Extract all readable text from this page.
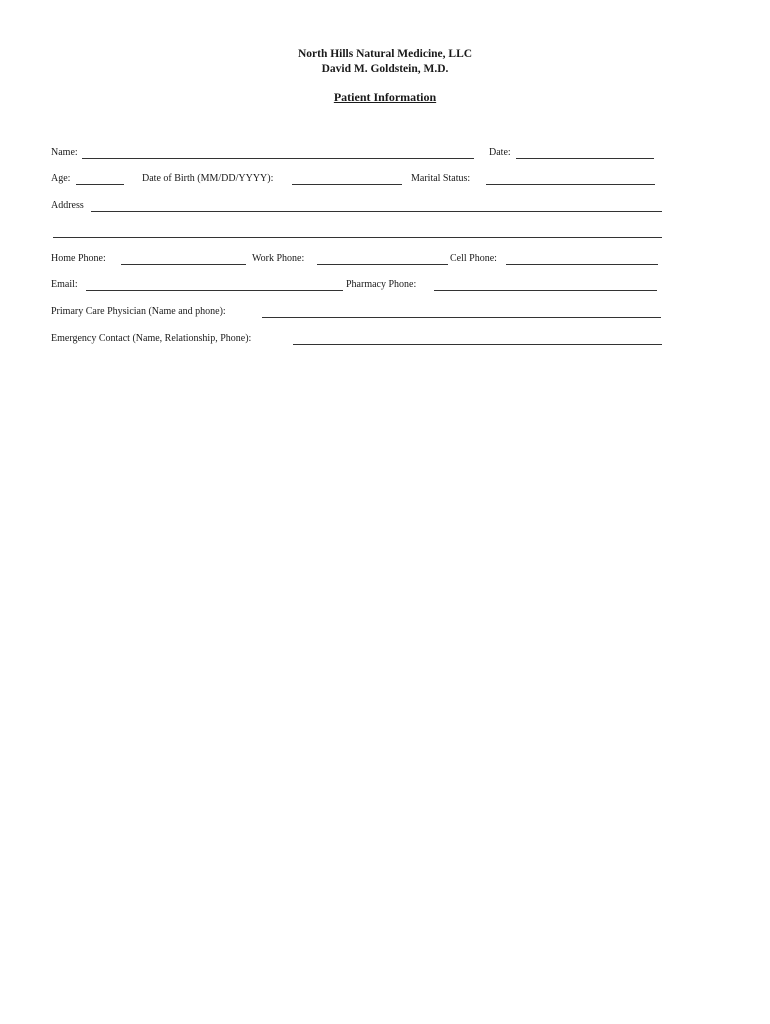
North Hills Natural Medicine, LLC
David M. Goldstein, M.D.
Patient Information
Name:	Date:
Age:	Date of Birth (MM/DD/YYYY):	Marital Status:
Address
Home Phone:	Work Phone:	Cell Phone:
Email:	Pharmacy Phone:
Primary Care Physician (Name and phone):
Emergency Contact (Name, Relationship, Phone):
